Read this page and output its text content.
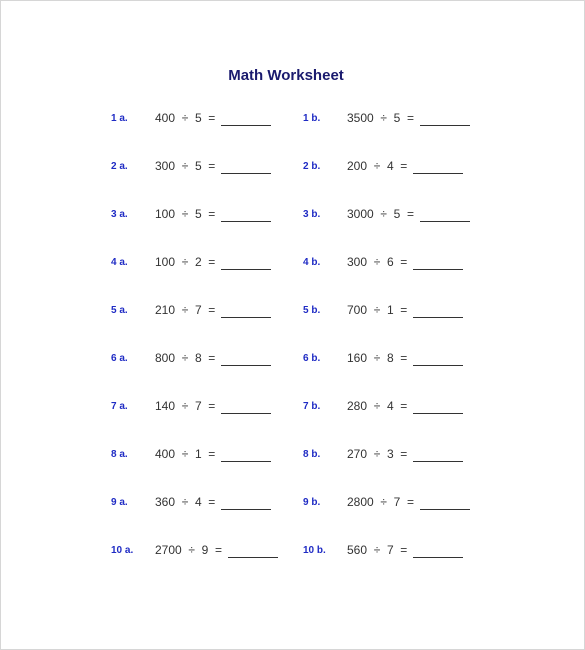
Math Worksheet
1 a.	400  ÷  5  =	1 b.	3500  ÷  5  =
2 a.	300  ÷  5  =	2 b.	200  ÷  4  =
3 a.	100  ÷  5  =	3 b.	3000  ÷  5  =
4 a.	100  ÷  2  =	4 b.	300  ÷  6  =
5 a.	210  ÷  7  =	5 b.	700  ÷  1  =
6 a.	800  ÷  8  =	6 b.	160  ÷  8  =
7 a.	140  ÷  7  =	7 b.	280  ÷  4  =
8 a.	400  ÷  1  =	8 b.	270  ÷  3  =
9 a.	360  ÷  4  =	9 b.	2800  ÷  7  =
10 a.	2700  ÷  9  =	10 b.	560  ÷  7  =
